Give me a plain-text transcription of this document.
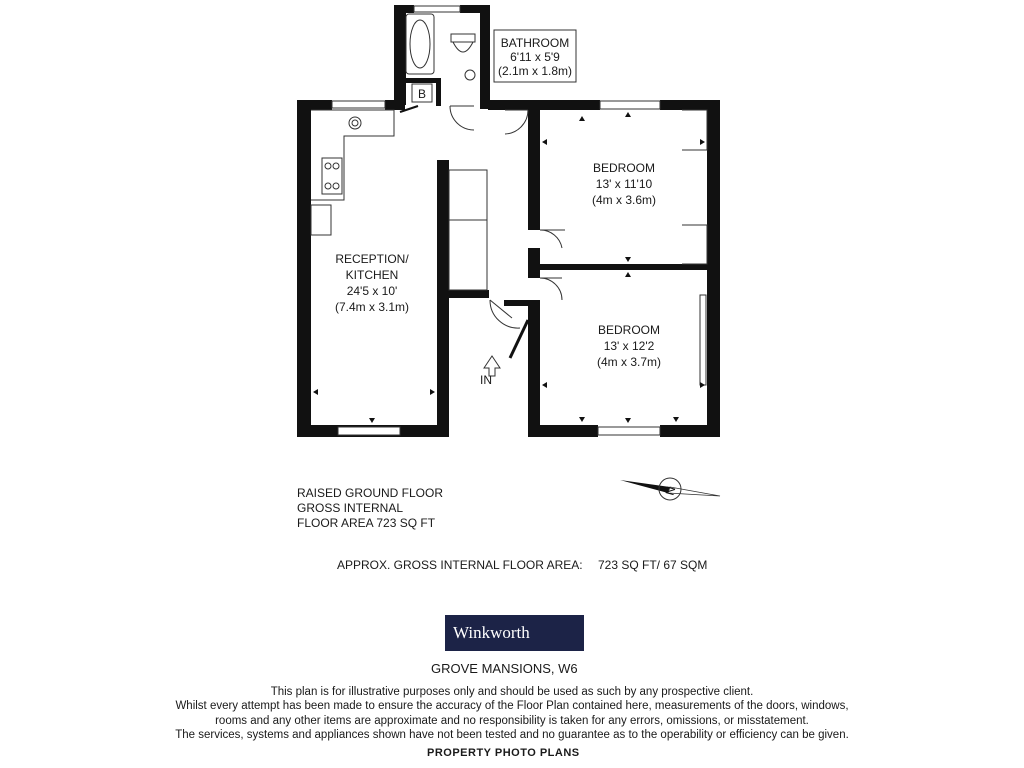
N
BATHROOM
6'11 x 5'9
(2.1m x 1.8m)
B
BEDROOM
13' x 11'10
(4m x 3.6m)
BEDROOM
13' x 12'2
(4m x 3.7m)
RECEPTION/
KITCHEN
24'5 x 10'
(7.4m x 3.1m)
IN
RAISED GROUND FLOOR
GROSS INTERNAL
FLOOR AREA 723 SQ FT
APPROX. GROSS INTERNAL FLOOR AREA: 723 SQ FT/ 67 SQM
Winkworth
GROVE MANSIONS, W6
This plan is for illustrative purposes only and should be used as such by any prospective client.
Whilst every attempt has been made to ensure the accuracy of the Floor Plan contained here, measurements of the doors, windows,
rooms and any other items are approximate and no responsibility is taken for any errors, omissions, or misstatement.
The services, systems and appliances shown have not been tested and no guarantee as to the operability or efficiency can be given.
PROPERTY PHOTO PLANS
